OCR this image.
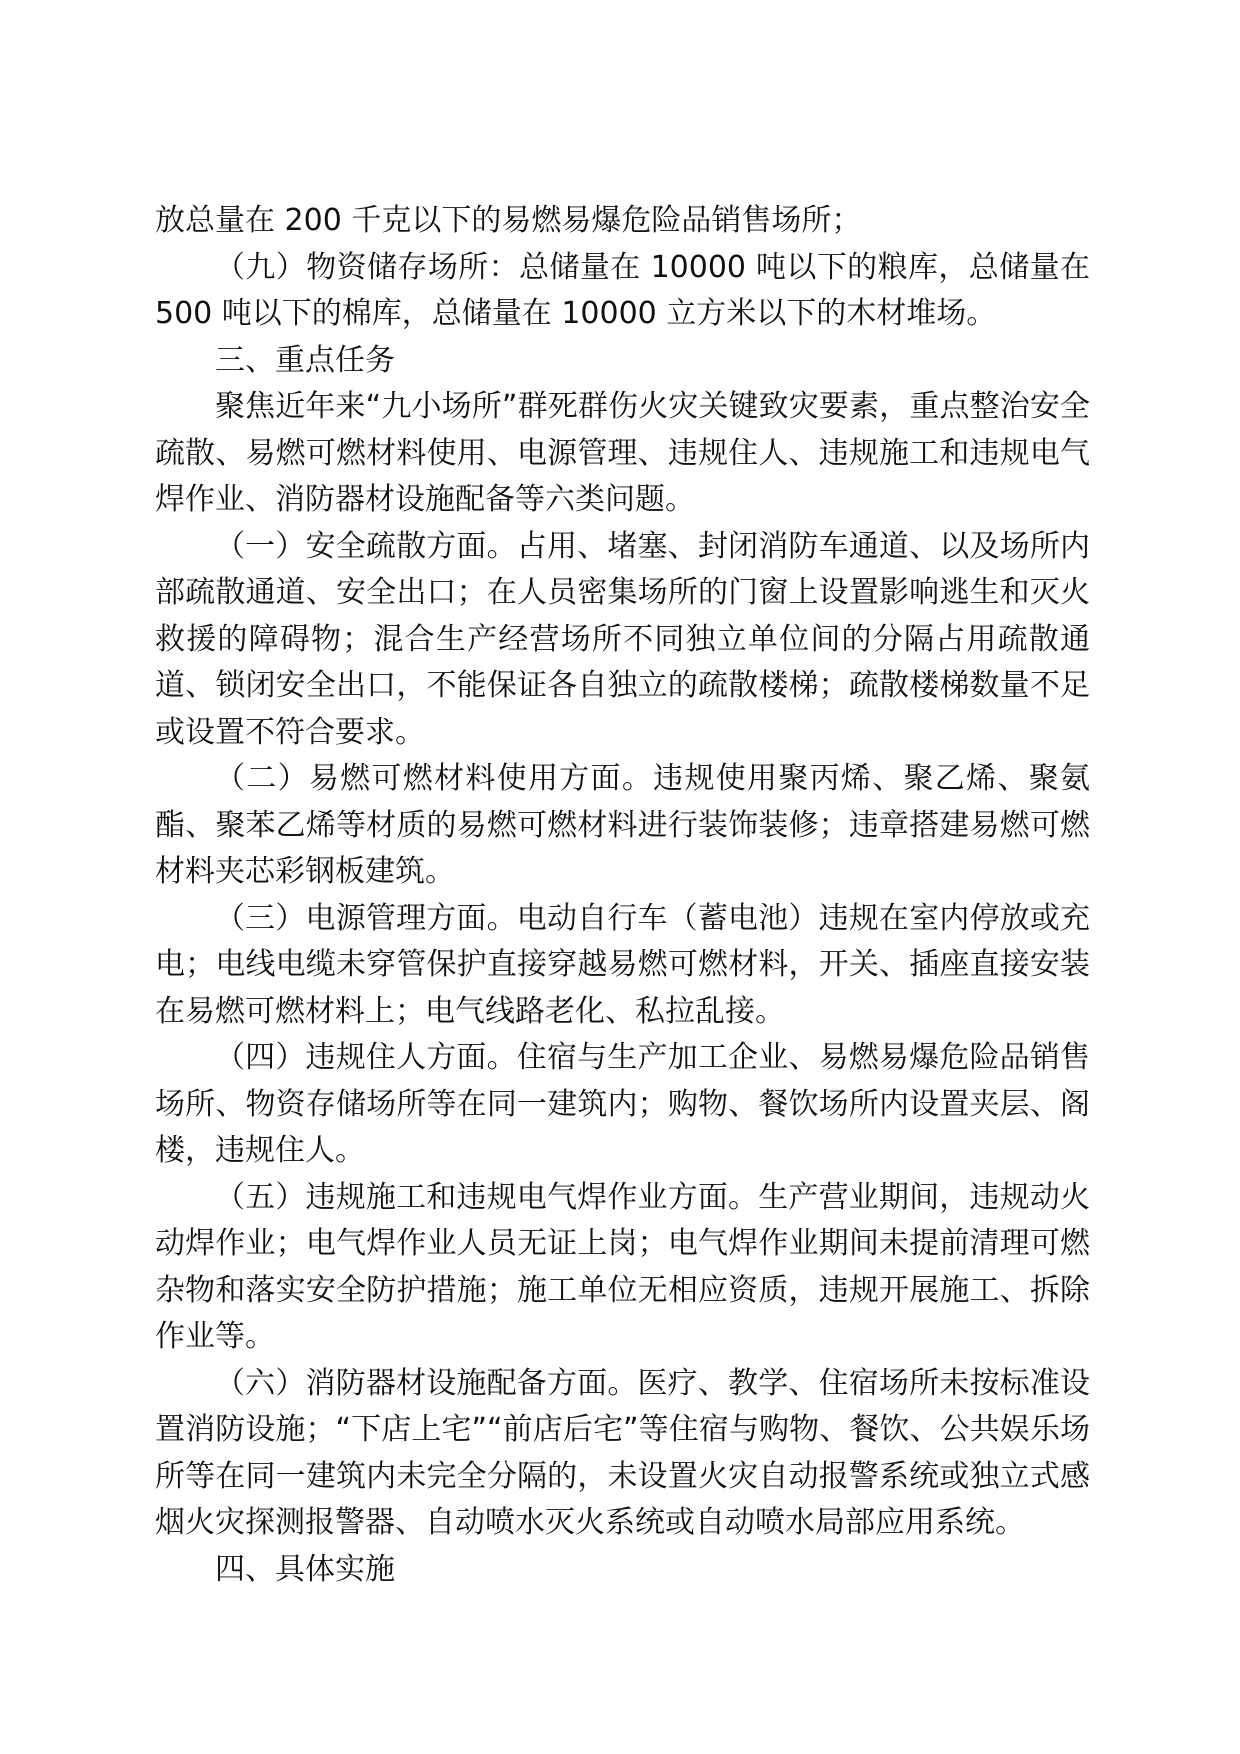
放总量在 200 千克以下的易燃易爆危险品销售场所；

（九）物资储存场所：总储量在 10000 吨以下的粮库，总储量在 500 吨以下的棉库，总储量在 10000 立方米以下的木材堆场。

三、重点任务

聚焦近年来“九小场所”群死群伤火灾关键致灾要素，重点整治安全疏散、易燃可燃材料使用、电源管理、违规住人、违规施工和违规电气焊作业、消防器材设施配备等六类问题。

（一）安全疏散方面。占用、堵塞、封闭消防车通道、以及场所内部疏散通道、安全出口；在人员密集场所的门窗上设置影响逃生和灭火救援的障碍物；混合生产经营场所不同独立单位间的分隔占用疏散通道、锁闭安全出口，不能保证各自独立的疏散楼梯；疏散楼梯数量不足或设置不符合要求。

（二）易燃可燃材料使用方面。违规使用聚丙烯、聚乙烯、聚氨酯、聚苯乙烯等材质的易燃可燃材料进行装饰装修；违章搭建易燃可燃材料夹芯彩钢板建筑。

（三）电源管理方面。电动自行车（蓄电池）违规在室内停放或充电；电线电缆未穿管保护直接穿越易燃可燃材料，开关、插座直接安装在易燃可燃材料上；电气线路老化、私拉乱接。

（四）违规住人方面。住宿与生产加工企业、易燃易爆危险品销售场所、物资存储场所等在同一建筑内；购物、餐饮场所内设置夹层、阁楼，违规住人。

（五）违规施工和违规电气焊作业方面。生产营业期间，违规动火动焊作业；电气焊作业人员无证上岗；电气焊作业期间未提前清理可燃杂物和落实安全防护措施；施工单位无相应资质，违规开展施工、拆除作业等。

（六）消防器材设施配备方面。医疗、教学、住宿场所未按标准设置消防设施；“下店上宅”“前店后宅”等住宿与购物、餐饮、公共娱乐场所等在同一建筑内未完全分隔的，未设置火灾自动报警系统或独立式感烟火灾探测报警器、自动喷水灭火系统或自动喷水局部应用系统。

四、具体实施
